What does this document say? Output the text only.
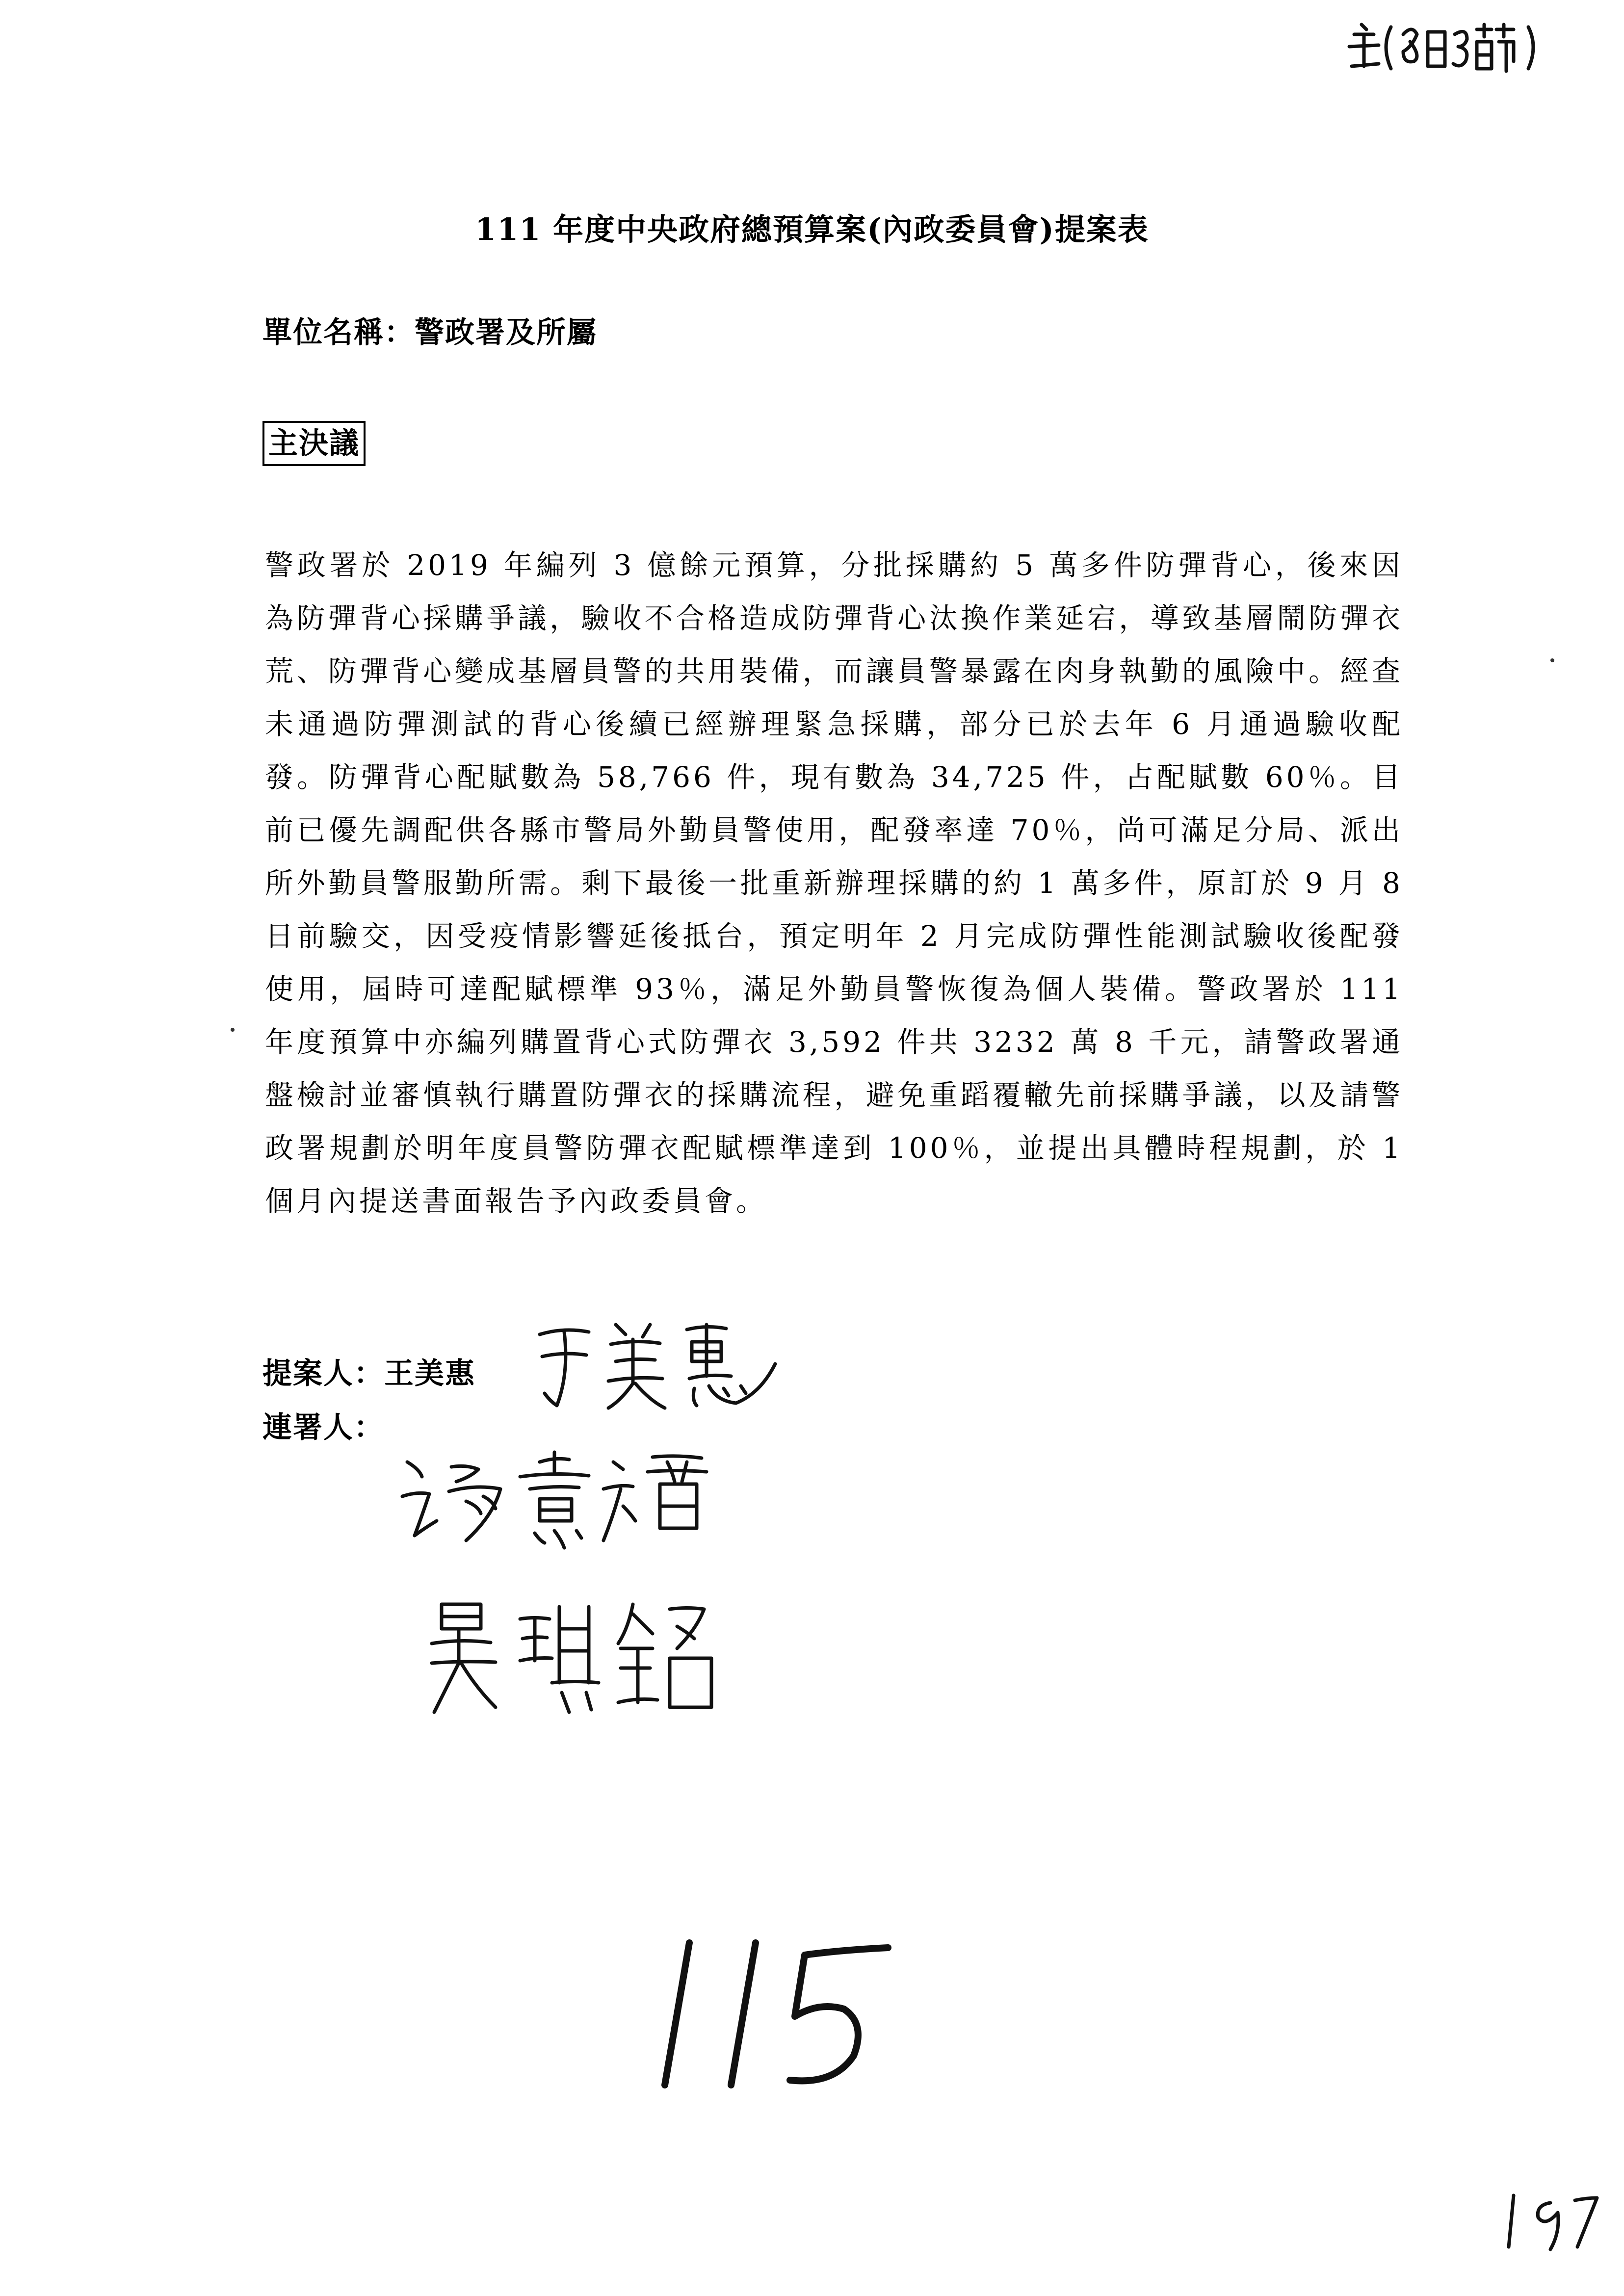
111 年度中央政府總預算案(內政委員會)提案表
單位名稱：警政署及所屬
主決議

警政署於 2019 年編列 3 億餘元預算，分批採購約 5 萬多件防彈背心，後來因為防彈背心採購爭議，驗收不合格造成防彈背心汰換作業延宕，導致基層鬧防彈衣荒、防彈背心變成基層員警的共用裝備，而讓員警暴露在肉身執勤的風險中。經查未通過防彈測試的背心後續已經辦理緊急採購，部分已於去年 6 月通過驗收配發。防彈背心配賦數為 58,766 件，現有數為 34,725 件，占配賦數 60％。目前已優先調配供各縣市警局外勤員警使用，配發率達 70％，尚可滿足分局、派出所外勤員警服勤所需。剩下最後一批重新辦理採購的約 1 萬多件，原訂於 9 月 8 日前驗交，因受疫情影響延後抵台，預定明年 2 月完成防彈性能測試驗收後配發使用，屆時可達配賦標準 93％，滿足外勤員警恢復為個人裝備。警政署於 111 年度預算中亦編列購置背心式防彈衣 3,592 件共 3232 萬 8 千元，請警政署通盤檢討並審慎執行購置防彈衣的採購流程，避免重蹈覆轍先前採購爭議，以及請警政署規劃於明年度員警防彈衣配賦標準達到 100％，並提出具體時程規劃，於 1 個月內提送書面報告予內政委員會。

提案人：王美惠
連署人：
